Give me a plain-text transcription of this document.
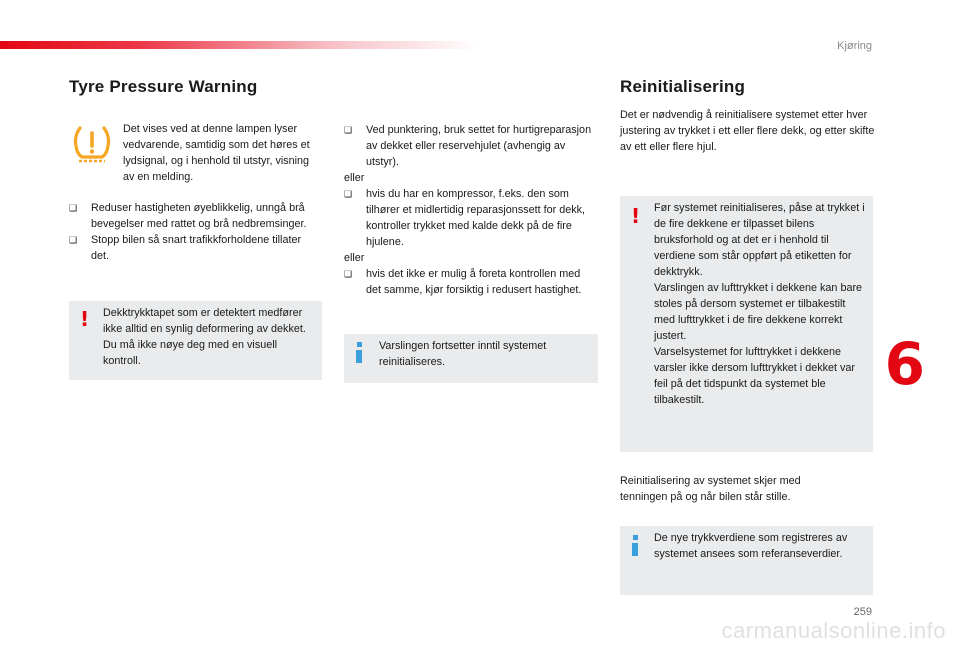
Kjøring
Tyre Pressure Warning
Det vises ved at denne lampen lyser vedvarende, samtidig som det høres et lydsignal, og i henhold til utstyr, visning av en melding.
❑ Reduser hastigheten øyeblikkelig, unngå brå bevegelser med rattet og brå nedbremsinger.
❑ Stopp bilen så snart trafikkforholdene tillater det.
! Dekktrykktapet som er detektert medfører ikke alltid en synlig deformering av dekket. Du må ikke nøye deg med en visuell kontroll.
❑ Ved punktering, bruk settet for hurtigreparasjon av dekket eller reservehjulet (avhengig av utstyr).
eller
❑ hvis du har en kompressor, f.eks. den som tilhører et midlertidig reparasjonssett for dekk, kontroller trykket med kalde dekk på de fire hjulene.
eller
❑ hvis det ikke er mulig å foreta kontrollen med det samme, kjør forsiktig i redusert hastighet.
Varslingen fortsetter inntil systemet reinitialiseres.
Reinitialisering
Det er nødvendig å reinitialisere systemet etter hver justering av trykket i ett eller flere dekk, og etter skifte av ett eller flere hjul.
! Før systemet reinitialiseres, påse at trykket i de fire dekkene er tilpasset bilens bruksforhold og at det er i henhold til verdiene som står oppført på etiketten for dekktrykk.

Varslingen av lufttrykket i dekkene kan bare stoles på dersom systemet er tilbakestilt med lufttrykket i de fire dekkene korrekt justert.

Varselsystemet for lufttrykket i dekkene varsler ikke dersom lufttrykket i dekket var feil på det tidspunkt da systemet ble tilbakestilt.

Reinitialisering av systemet skjer med tenningen på og når bilen står stille.
De nye trykkverdiene som registreres av systemet ansees som referanseverdier.
6
259
carmanualsonline.info
